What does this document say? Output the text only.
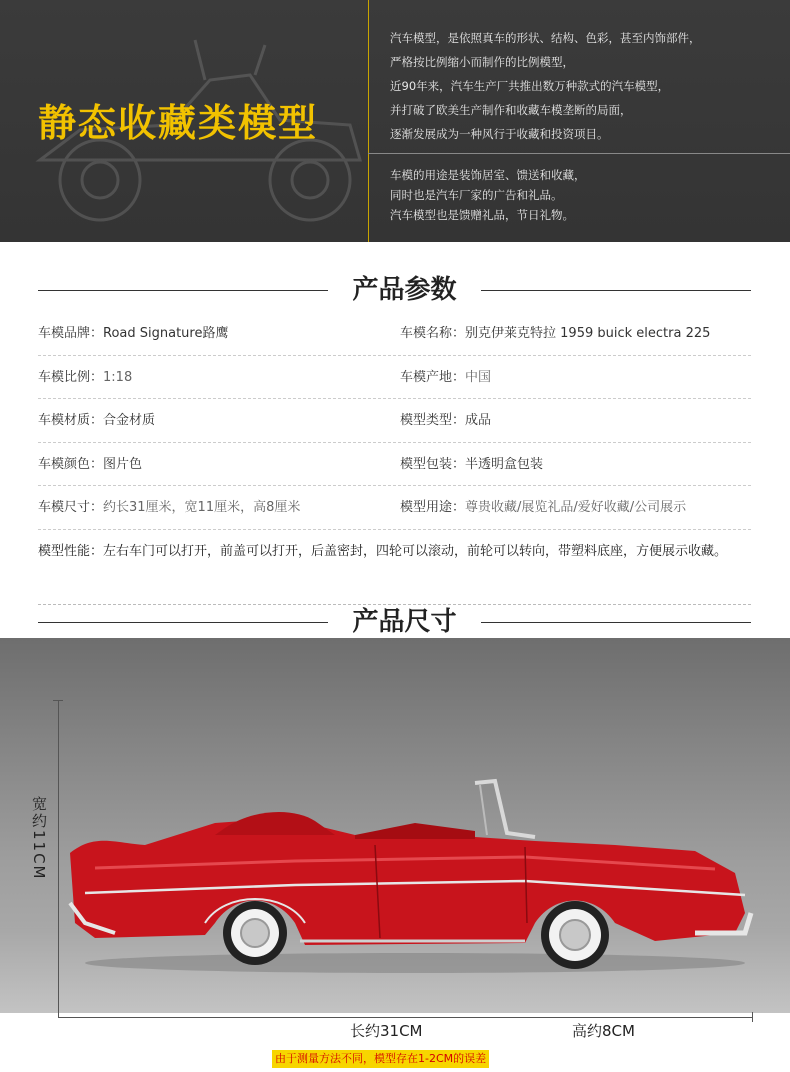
静态收藏类模型
汽车模型，是依照真车的形状、结构、色彩，甚至内饰部件，
严格按比例缩小而制作的比例模型，
近90年来，汽车生产厂共推出数万种款式的汽车模型，
并打破了欧美生产制作和收藏车模垄断的局面，
逐渐发展成为一种风行于收藏和投资项目。
车模的用途是装饰居室、馈送和收藏，
同时也是汽车厂家的广告和礼品。
汽车模型也是馈赠礼品，节日礼物。
产品参数
车模品牌：Road Signature路鹰	车模名称：别克伊莱克特拉 1959 buick electra 225
车模比例：1:18	车模产地：中国
车模材质：合金材质	模型类型：成品
车模颜色：图片色	模型包装：半透明盒包装
车模尺寸：约长31厘米，宽11厘米，高8厘米	模型用途：尊贵收藏/展览礼品/爱好收藏/公司展示
模型性能：左右车门可以打开，前盖可以打开，后盖密封，四轮可以滚动，前轮可以转向，带塑料底座，方便展示收藏。
产品尺寸
宽约11CM
长约31CM	高约8CM
由于测量方法不同，模型存在1-2CM的误差
